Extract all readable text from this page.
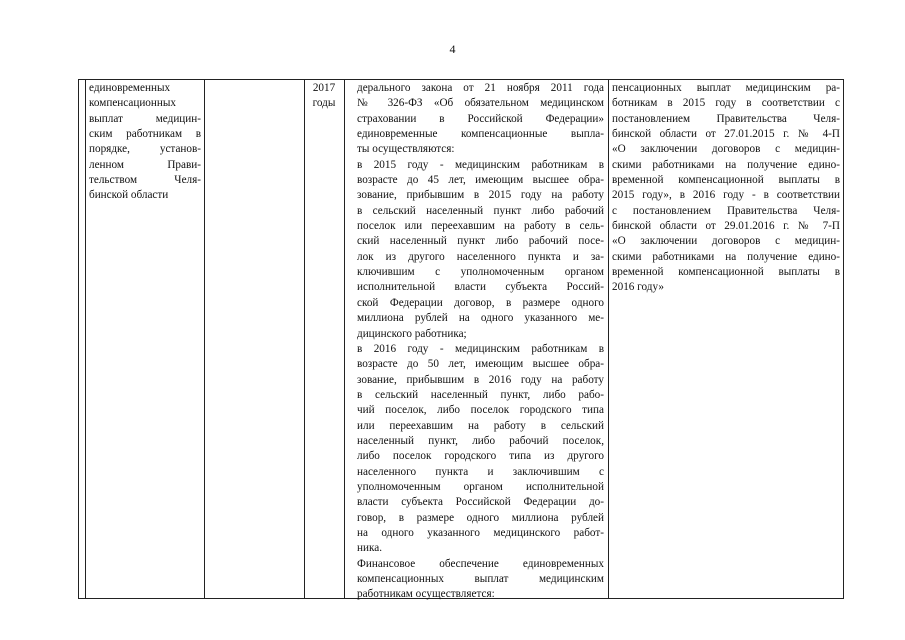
4
единовременных
компенсационных
выплат медицин-
ским работникам в
порядке, установ-
ленном Прави-
тельством Челя-
бинской области
2017
годы
дерального закона от 21 ноября 2011 года
№ 326-ФЗ «Об обязательном медицинском
страховании в Российской Федерации»
единовременные компенсационные выпла-
ты осуществляются:
в 2015 году - медицинским работникам в
возрасте до 45 лет, имеющим высшее обра-
зование, прибывшим в 2015 году на работу
в сельский населенный пункт либо рабочий
поселок или переехавшим на работу в сель-
ский населенный пункт либо рабочий посе-
лок из другого населенного пункта и за-
ключившим с уполномоченным органом
исполнительной власти субъекта Россий-
ской Федерации договор, в размере одного
миллиона рублей на одного указанного ме-
дицинского работника;
в 2016 году - медицинским работникам в
возрасте до 50 лет, имеющим высшее обра-
зование, прибывшим в 2016 году на работу
в сельский населенный пункт, либо рабо-
чий поселок, либо поселок городского типа
или переехавшим на работу в сельский
населенный пункт, либо рабочий поселок,
либо поселок городского типа из другого
населенного пункта и заключившим с
уполномоченным органом исполнительной
власти субъекта Российской Федерации до-
говор, в размере одного миллиона рублей
на одного указанного медицинского работ-
ника.
Финансовое обеспечение единовременных
компенсационных выплат медицинским
работникам осуществляется:
пенсационных выплат медицинским ра-
ботникам в 2015 году в соответствии с
постановлением Правительства Челя-
бинской области от 27.01.2015 г. № 4-П
«О заключении договоров с медицин-
скими работниками на получение едино-
временной компенсационной выплаты в
2015 году», в 2016 году - в соответствии
с постановлением Правительства Челя-
бинской области от 29.01.2016 г. № 7-П
«О заключении договоров с медицин-
скими работниками на получение едино-
временной компенсационной выплаты в
2016 году»
